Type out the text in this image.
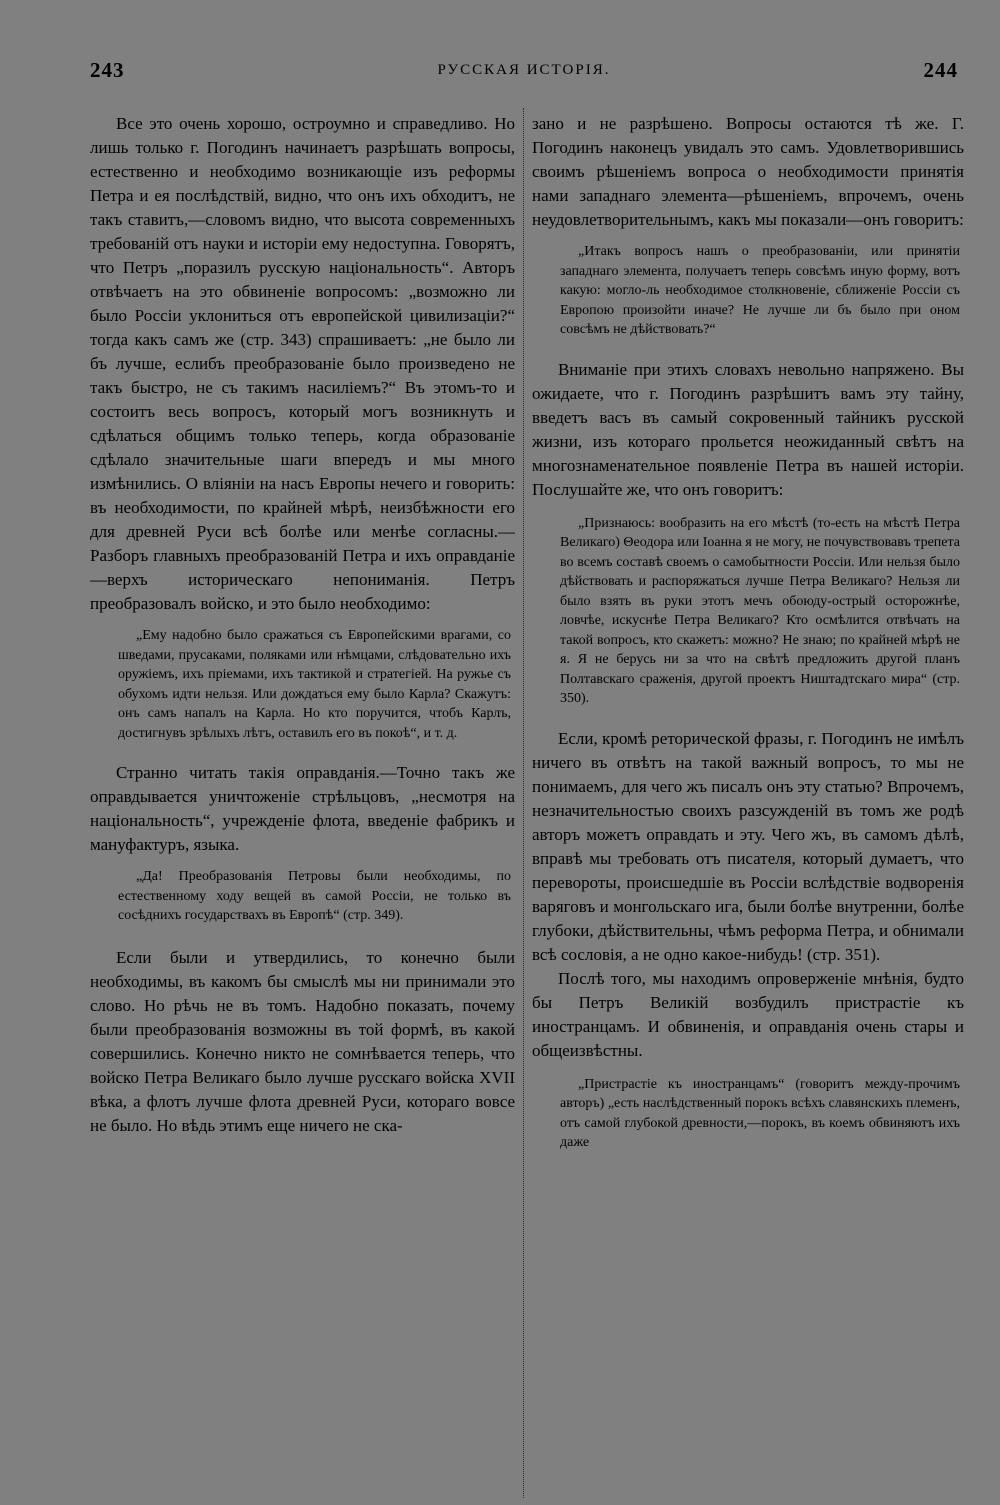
243	РУССКАЯ ИСТОРІЯ.	244

Все это очень хорошо, остроумно и справедливо. Но лишь только г. Погодинъ начинаетъ разрѣшать вопросы, естественно и необходимо возникающіе изъ реформы Петра и ея послѣдствій, видно, что онъ ихъ обходитъ, не такъ ставитъ,—словомъ видно, что высота современныхъ требованій отъ науки и исторіи ему недоступна. Говорятъ, что Петръ „поразилъ русскую національность“. Авторъ отвѣчаетъ на это обвиненіе вопросомъ: „возможно ли было Россіи уклониться отъ европейской цивилизаціи?“ тогда какъ самъ же (стр. 343) спрашиваетъ: „не было ли бъ лучше, еслибъ преобразованіе было произведено не такъ быстро, не съ такимъ насиліемъ?“ Въ этомъ-то и состоитъ весь вопросъ, который могъ возникнуть и сдѣлаться общимъ только теперь, когда образованіе сдѣлало значительные шаги впередъ и мы много измѣнились. О вліяніи на насъ Европы нечего и говорить: въ необходимости, по крайней мѣрѣ, неизбѣжности его для древней Руси всѣ болѣе или менѣе согласны.—Разборъ главныхъ преобразованій Петра и ихъ оправданіе—верхъ историческаго непониманія. Петръ преобразовалъ войско, и это было необходимо:

„Ему надобно было сражаться съ Европейскими врагами, со шведами, прусаками, поляками или нѣмцами, слѣдовательно ихъ оружіемъ, ихъ пріемами, ихъ тактикой и стратегіей. На ружье съ обухомъ идти нельзя. Или дождаться ему было Карла? Скажутъ: онъ самъ напалъ на Карла. Но кто поручится, чтобъ Карлъ, достигнувъ зрѣлыхъ лѣтъ, оставилъ его въ покоѣ“, и т. д.

Странно читать такія оправданія.—Точно такъ же оправдывается уничтоженіе стрѣльцовъ, „несмотря на національность“, учрежденіе флота, введеніе фабрикъ и мануфактуръ, языка.

„Да! Преобразованія Петровы были необходимы, по естественному ходу вещей въ самой Россіи, не только въ сосѣднихъ государствахъ въ Европѣ“ (стр. 349).

Если были и утвердились, то конечно были необходимы, въ какомъ бы смыслѣ мы ни принимали это слово. Но рѣчь не въ томъ. Надобно показать, почему были преобразованія возможны въ той формѣ, въ какой совершились. Конечно никто не сомнѣвается теперь, что войско Петра Великаго было лучше русскаго войска XVII вѣка, а флотъ лучше флота древней Руси, котораго вовсе не было. Но вѣдь этимъ еще ничего не ска-

зано и не разрѣшено. Вопросы остаются тѣ же. Г. Погодинъ наконецъ увидалъ это самъ. Удовлетворившись своимъ рѣшеніемъ вопроса о необходимости принятія нами западнаго элемента—рѣшеніемъ, впрочемъ, очень неудовлетворительнымъ, какъ мы показали—онъ говоритъ:

„Итакъ вопросъ нашъ о преобразованіи, или принятіи западнаго элемента, получаетъ теперь совсѣмъ иную форму, вотъ какую: могло-ль необходимое столкновеніе, сближеніе Россіи съ Европою произойти иначе? Не лучше ли бъ было при оном совсѣмъ не дѣйствовать?“

Вниманіе при этихъ словахъ невольно напряжено. Вы ожидаете, что г. Погодинъ разрѣшитъ вамъ эту тайну, введетъ васъ въ самый сокровенный тайникъ русской жизни, изъ котораго прольется неожиданный свѣтъ на многознаменательное появленіе Петра въ нашей исторіи. Послушайте же, что онъ говоритъ:

„Признаюсь: вообразить на его мѣстѣ (то-есть на мѣстѣ Петра Великаго) Θеодора или Іоанна я не могу, не почувствовавъ трепета во всемъ составѣ своемъ о самобытности Россіи. Или нельзя было дѣйствовать и распоряжаться лучше Петра Великаго? Нельзя ли было взять въ руки этотъ мечъ обоюду-острый осторожнѣе, ловчѣе, искуснѣе Петра Великаго? Кто осмѣлится отвѣчать на такой вопросъ, кто скажетъ: можно? Не знаю; по крайней мѣрѣ не я. Я не берусь ни за что на свѣтѣ предложить другой планъ Полтавскаго сраженія, другой проектъ Ништадтскаго мира“ (стр. 350).

Если, кромѣ реторической фразы, г. Погодинъ не имѣлъ ничего въ отвѣтъ на такой важный вопросъ, то мы не понимаемъ, для чего жъ писалъ онъ эту статью? Впрочемъ, незначительностью своихъ разсужденій въ томъ же родѣ авторъ можетъ оправдать и эту. Чего жъ, въ самомъ дѣлѣ, вправѣ мы требовать отъ писателя, который думаетъ, что перевороты, происшедшіе въ Россіи вслѣдствіе водворенія варяговъ и монгольскаго ига, были болѣе внутренни, болѣе глубоки, дѣйствительны, чѣмъ реформа Петра, и обнимали всѣ сословія, а не одно какое-нибудь! (стр. 351).

Послѣ того, мы находимъ опроверженіе мнѣнія, будто бы Петръ Великій возбудилъ пристрастіе къ иностранцамъ. И обвиненія, и оправданія очень стары и общеизвѣстны.

„Пристрастіе къ иностранцамъ“ (говоритъ между-прочимъ авторъ) „есть наслѣдственный порокъ всѣхъ славянскихъ племенъ, отъ самой глубокой древности,—порокъ, въ коемъ обвиняютъ ихъ даже
